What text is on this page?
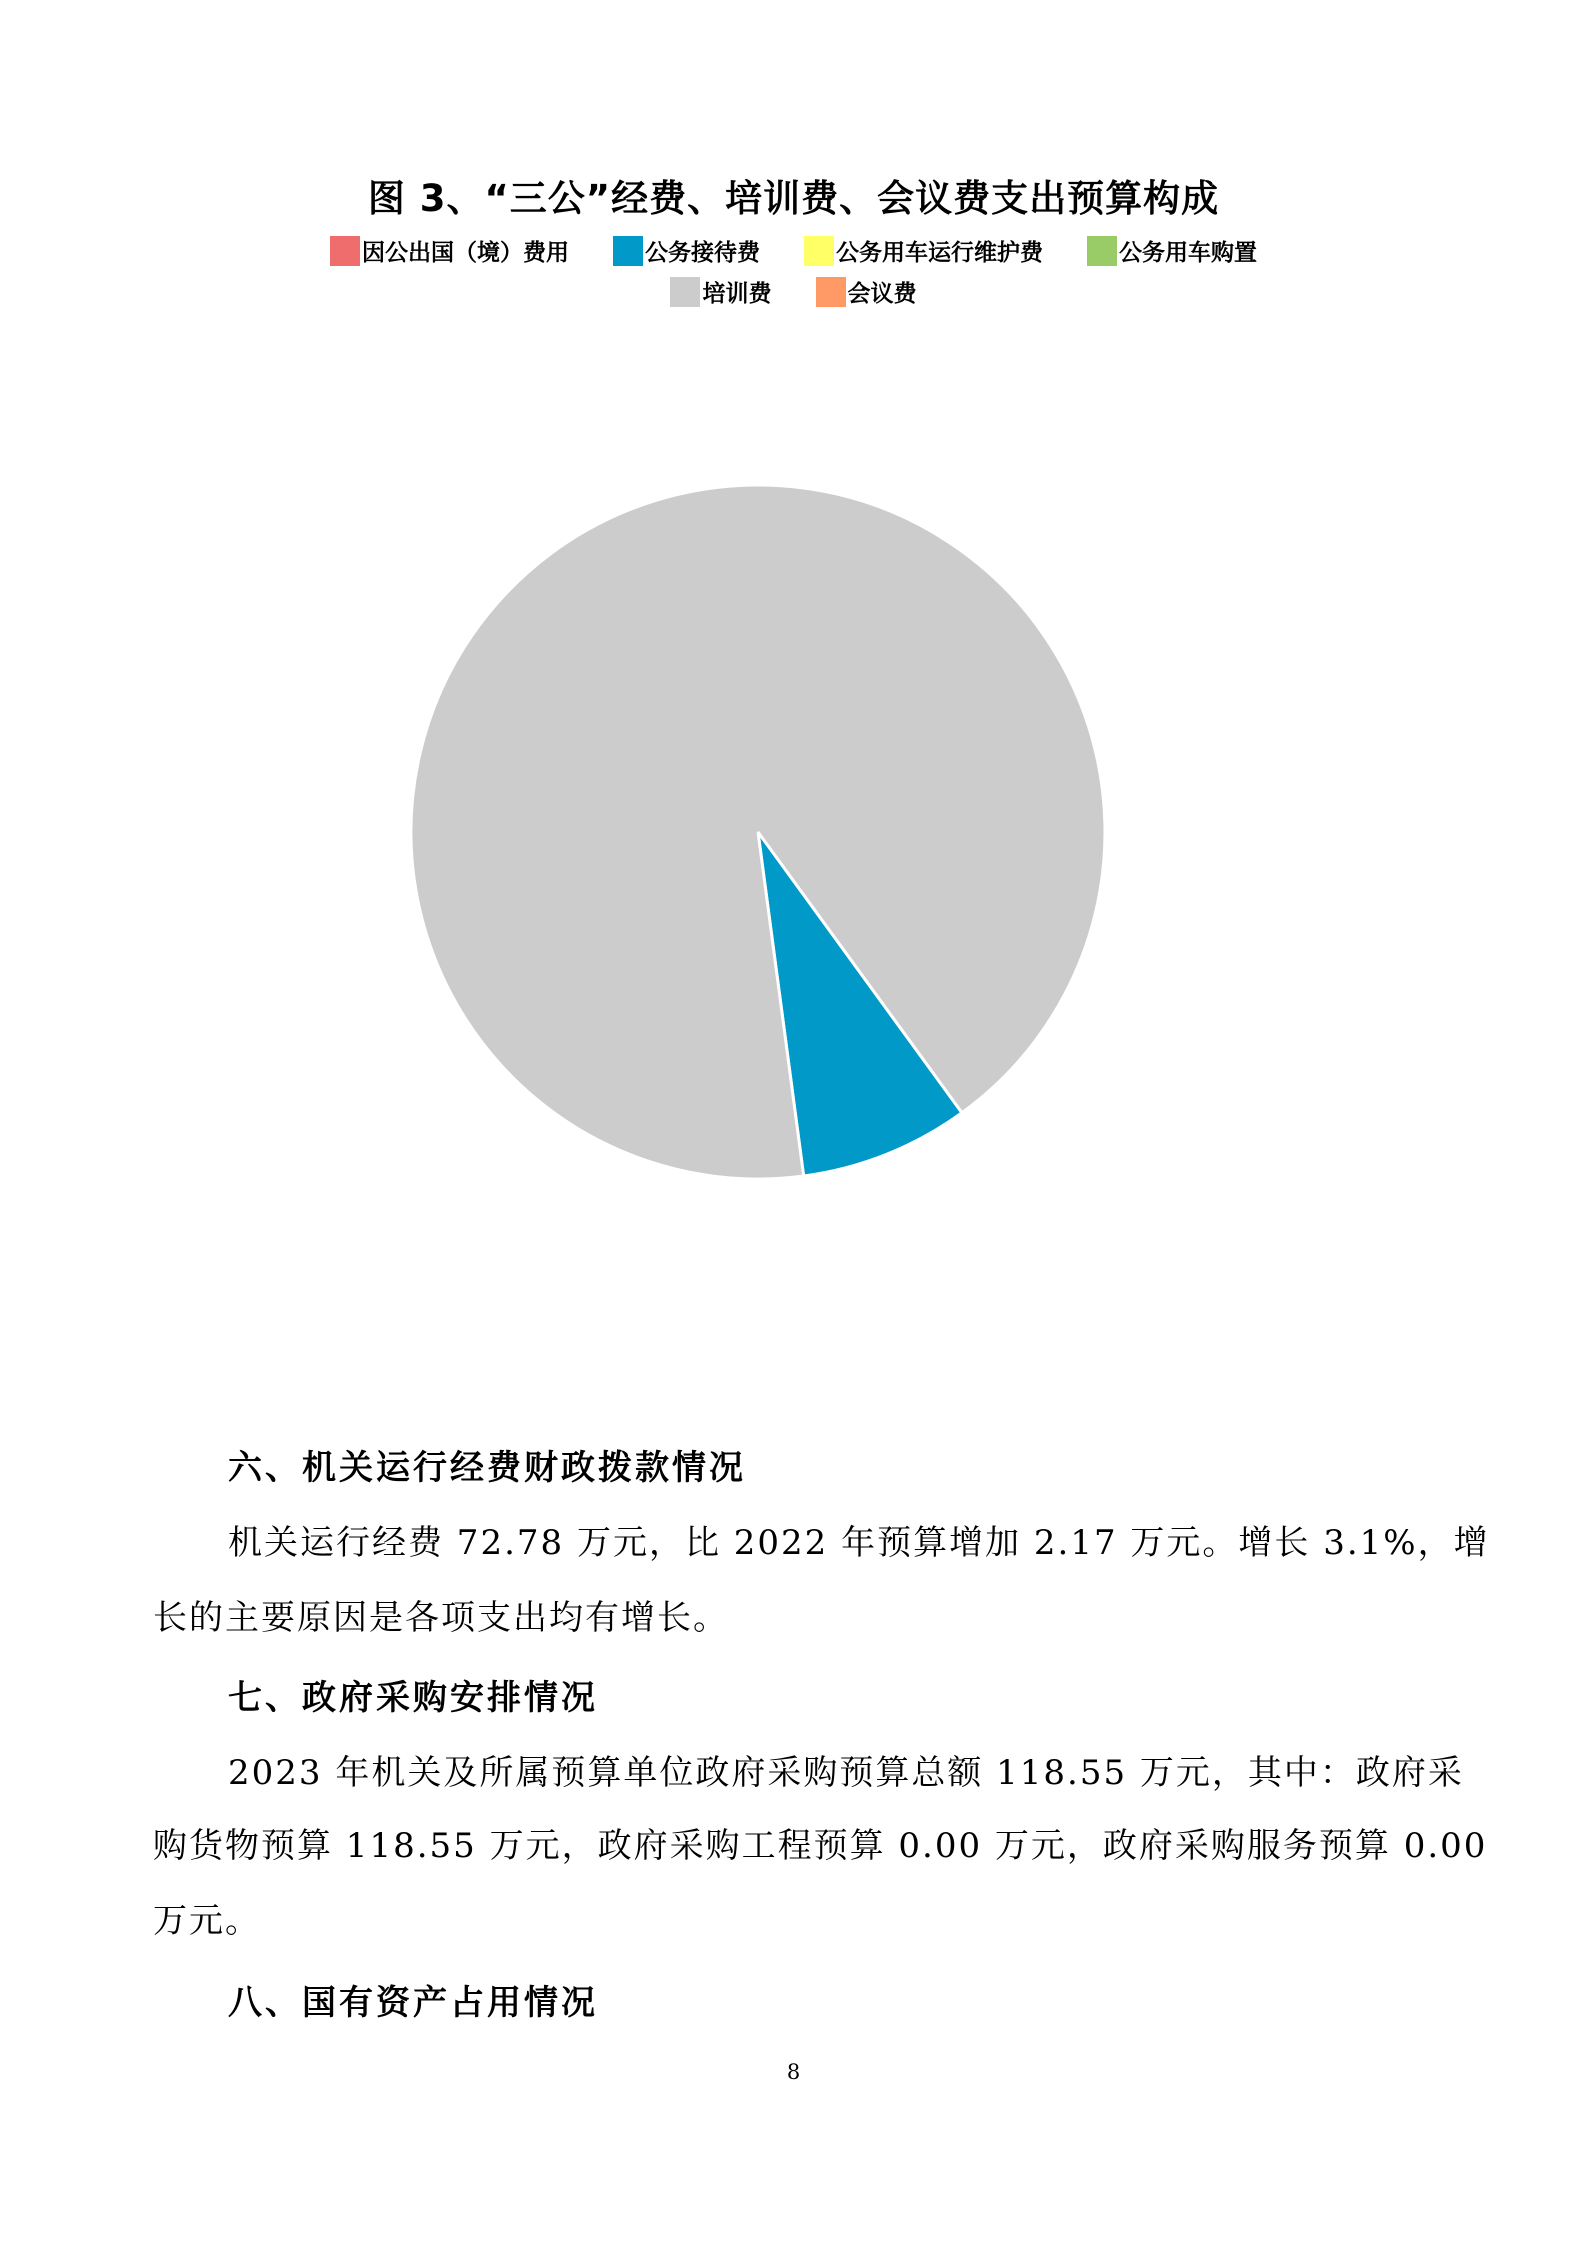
图 3、“三公”经费、培训费、会议费支出预算构成
因公出国（境）费用	公务接待费	公务用车运行维护费	公务用车购置
培训费	会议费
六、机关运行经费财政拨款情况
机关运行经费 72.78 万元，比 2022 年预算增加 2.17 万元。增长 3.1%，增
长的主要原因是各项支出均有增长。
七、政府采购安排情况
2023 年机关及所属预算单位政府采购预算总额 118.55 万元，其中：政府采
购货物预算 118.55 万元，政府采购工程预算 0.00 万元，政府采购服务预算 0.00
万元。
八、国有资产占用情况
8
